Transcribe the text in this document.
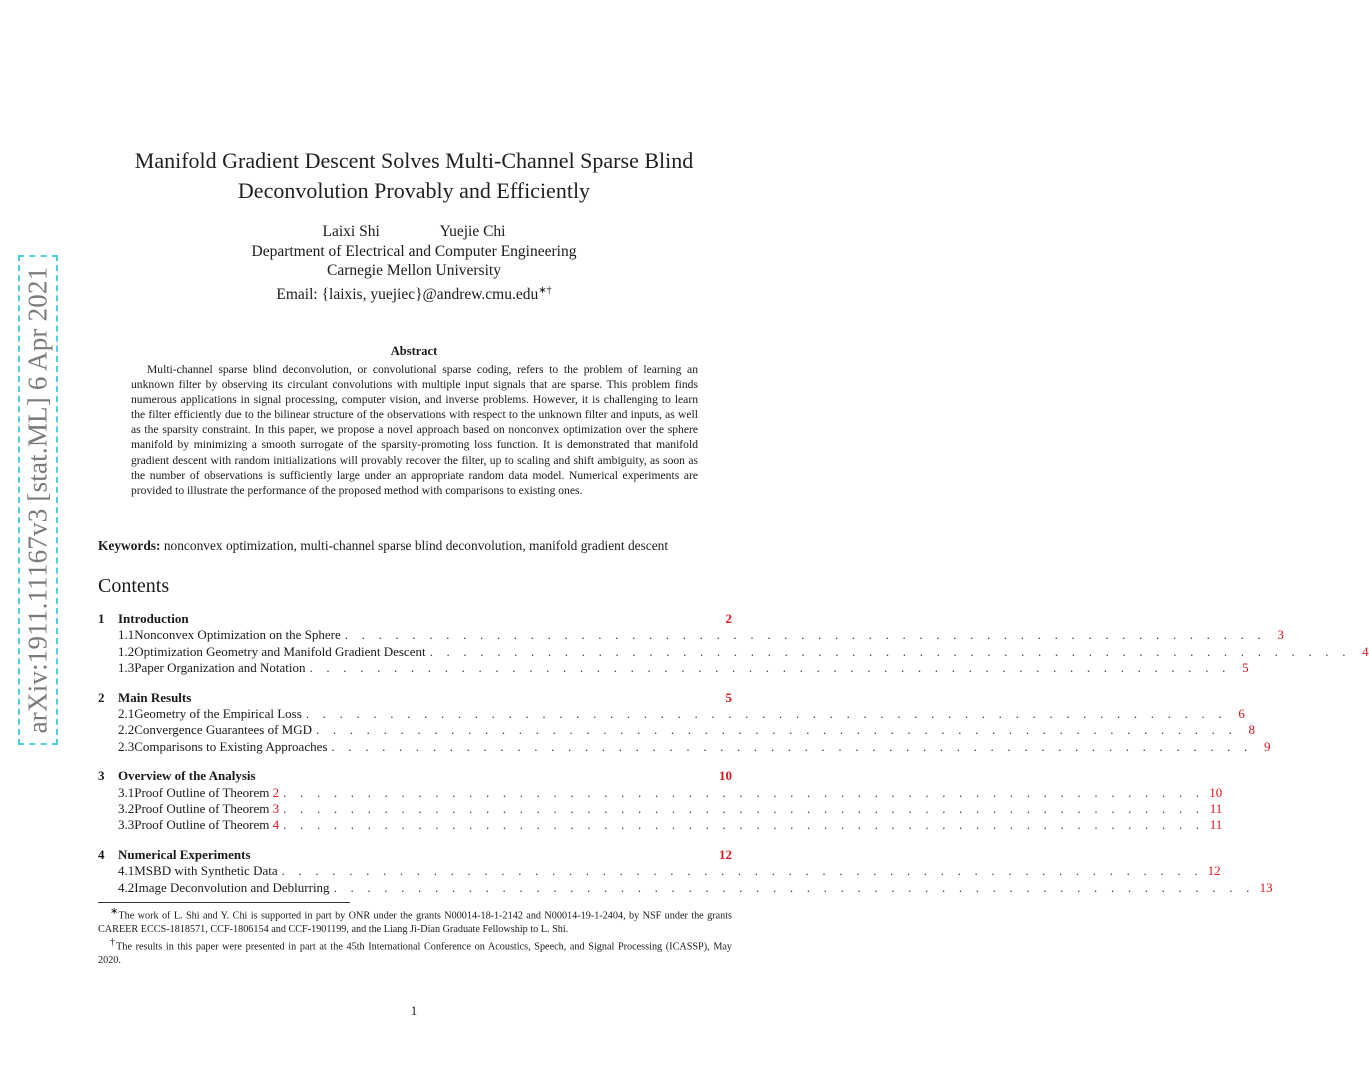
arXiv:1911.11167v3 [stat.ML] 6 Apr 2021
Manifold Gradient Descent Solves Multi-Channel Sparse Blind
Deconvolution Provably and Efficiently
Laixi Shi	Yuejie Chi
Department of Electrical and Computer Engineering
Carnegie Mellon University
Email: {laixis, yuejiec}@andrew.cmu.edu∗†
Abstract
Multi-channel sparse blind deconvolution, or convolutional sparse coding, refers to the problem of learning an unknown filter by observing its circulant convolutions with multiple input signals that are sparse. This problem finds numerous applications in signal processing, computer vision, and inverse problems. However, it is challenging to learn the filter efficiently due to the bilinear structure of the observations with respect to the unknown filter and inputs, as well as the sparsity constraint. In this paper, we propose a novel approach based on nonconvex optimization over the sphere manifold by minimizing a smooth surrogate of the sparsity-promoting loss function. It is demonstrated that manifold gradient descent with random initializations will provably recover the filter, up to scaling and shift ambiguity, as soon as the number of observations is sufficiently large under an appropriate random data model. Numerical experiments are provided to illustrate the performance of the proposed method with comparisons to existing ones.
Keywords: nonconvex optimization, multi-channel sparse blind deconvolution, manifold gradient descent
Contents
1	Introduction	2
1.1 Nonconvex Optimization on the Sphere . . . . . . . . . . . . . . . . . . . . . . . . . . . . . . . . . . . . . . . . . . . . . . . . . . . . . . . 3
1.2 Optimization Geometry and Manifold Gradient Descent . . . . . . . . . . . . . . . . . . . . . . . . . . . . . . . . . . . . . . . . . . . . . . . . . . . . . . . 4
1.3 Paper Organization and Notation . . . . . . . . . . . . . . . . . . . . . . . . . . . . . . . . . . . . . . . . . . . . . . . . . . . . . . . 5
2	Main Results	5
2.1 Geometry of the Empirical Loss . . . . . . . . . . . . . . . . . . . . . . . . . . . . . . . . . . . . . . . . . . . . . . . . . . . . . . . 6
2.2 Convergence Guarantees of MGD . . . . . . . . . . . . . . . . . . . . . . . . . . . . . . . . . . . . . . . . . . . . . . . . . . . . . . . 8
2.3 Comparisons to Existing Approaches . . . . . . . . . . . . . . . . . . . . . . . . . . . . . . . . . . . . . . . . . . . . . . . . . . . . . . . 9
3	Overview of the Analysis	10
3.1 Proof Outline of Theorem 2 . . . . . . . . . . . . . . . . . . . . . . . . . . . . . . . . . . . . . . . . . . . . . . . . . . . . . . . 10
3.2 Proof Outline of Theorem 3 . . . . . . . . . . . . . . . . . . . . . . . . . . . . . . . . . . . . . . . . . . . . . . . . . . . . . . . 11
3.3 Proof Outline of Theorem 4 . . . . . . . . . . . . . . . . . . . . . . . . . . . . . . . . . . . . . . . . . . . . . . . . . . . . . . . 11
4	Numerical Experiments	12
4.1 MSBD with Synthetic Data . . . . . . . . . . . . . . . . . . . . . . . . . . . . . . . . . . . . . . . . . . . . . . . . . . . . . . . 12
4.2 Image Deconvolution and Deblurring . . . . . . . . . . . . . . . . . . . . . . . . . . . . . . . . . . . . . . . . . . . . . . . . . . . . . . . 13

∗The work of L. Shi and Y. Chi is supported in part by ONR under the grants N00014-18-1-2142 and N00014-19-1-2404, by NSF under the grants CAREER ECCS-1818571, CCF-1806154 and CCF-1901199, and the Liang Ji-Dian Graduate Fellowship to L. Shi.

†The results in this paper were presented in part at the 45th International Conference on Acoustics, Speech, and Signal Processing (ICASSP), May 2020.

1
